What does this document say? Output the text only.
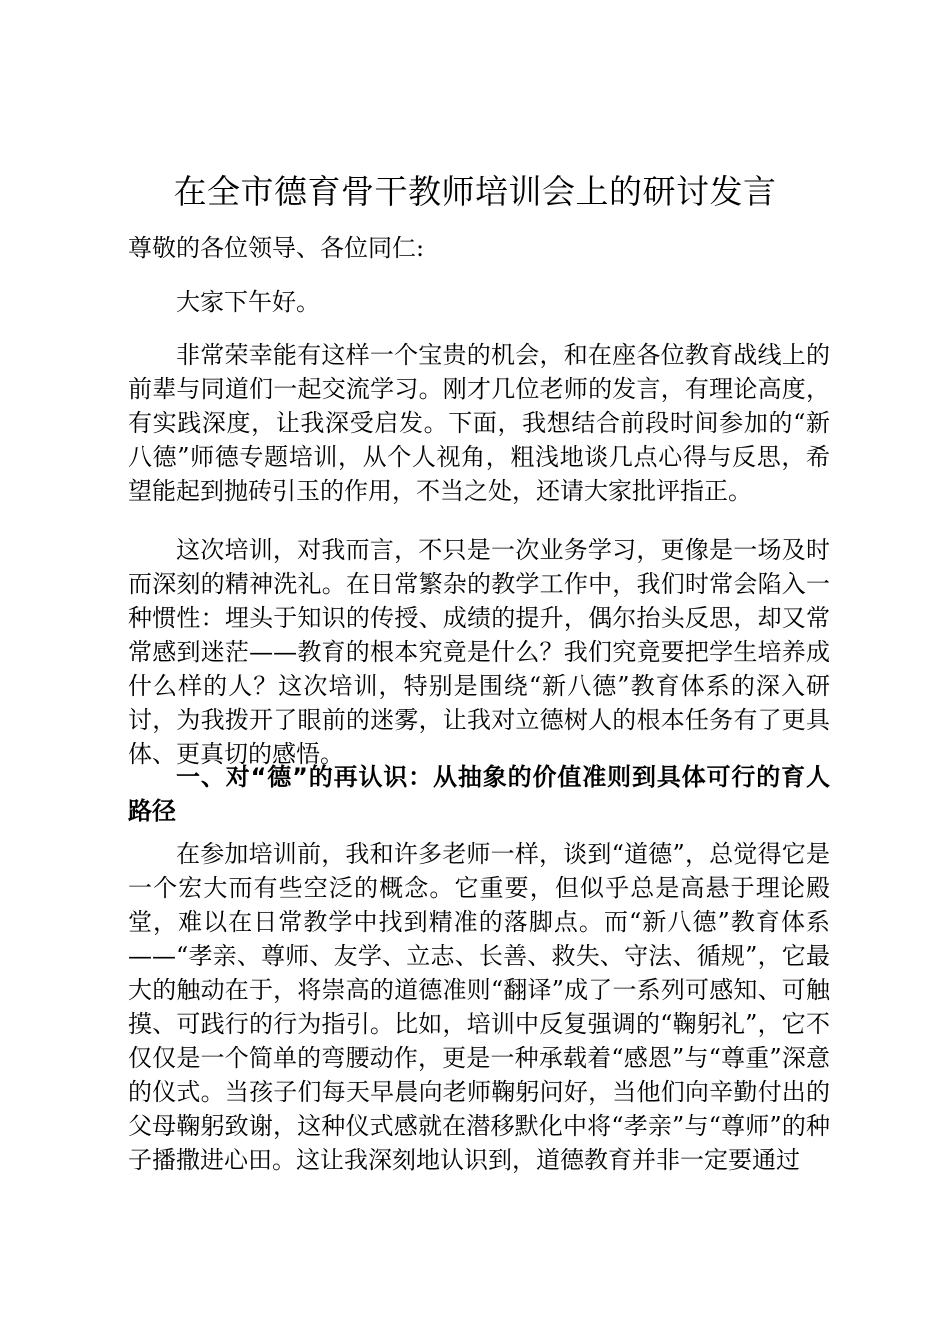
在全市德育骨干教师培训会上的研讨发言

尊敬的各位领导、各位同仁:

大家下午好。

非常荣幸能有这样一个宝贵的机会，和在座各位教育战线上的前辈与同道们一起交流学习。刚才几位老师的发言，有理论高度，有实践深度，让我深受启发。下面，我想结合前段时间参加的“新八德”师德专题培训，从个人视角，粗浅地谈几点心得与反思，希望能起到抛砖引玉的作用，不当之处，还请大家批评指正。

这次培训，对我而言，不只是一次业务学习，更像是一场及时而深刻的精神洗礼。在日常繁杂的教学工作中，我们时常会陷入一种惯性：埋头于知识的传授、成绩的提升，偶尔抬头反思，却又常常感到迷茫——教育的根本究竟是什么？我们究竟要把学生培养成什么样的人？这次培训，特别是围绕“新八德”教育体系的深入研讨，为我拨开了眼前的迷雾，让我对立德树人的根本任务有了更具体、更真切的感悟。

一、对“德”的再认识：从抽象的价值准则到具体可行的育人路径

在参加培训前，我和许多老师一样，谈到“道德”，总觉得它是一个宏大而有些空泛的概念。它重要，但似乎总是高悬于理论殿堂，难以在日常教学中找到精准的落脚点。而“新八德”教育体系——“孝亲、尊师、友学、立志、长善、救失、守法、循规”，它最大的触动在于，将崇高的道德准则“翻译”成了一系列可感知、可触摸、可践行的行为指引。比如，培训中反复强调的“鞠躬礼”，它不仅仅是一个简单的弯腰动作，更是一种承载着“感恩”与“尊重”深意的仪式。当孩子们每天早晨向老师鞠躬问好，当他们向辛勤付出的父母鞠躬致谢，这种仪式感就在潜移默化中将“孝亲”与“尊师”的种子播撒进心田。这让我深刻地认识到，道德教育并非一定要通过
